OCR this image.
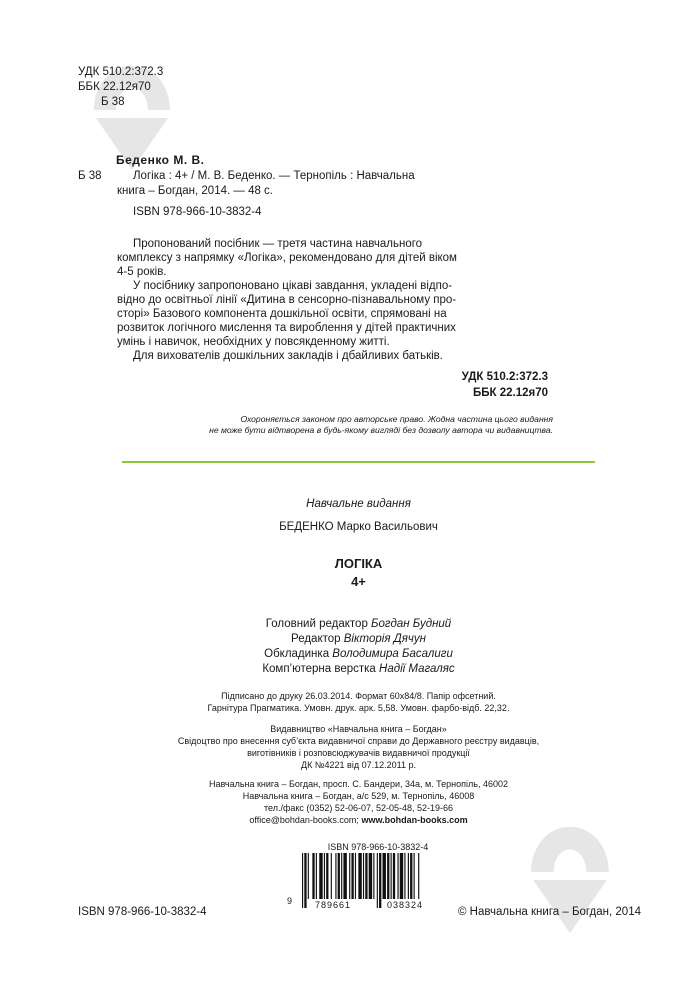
УДК 510.2:372.3
ББК 22.12я70
Б 38
Беденко М. В.
Б 38	Логіка : 4+ / М. В. Беденко. — Тернопіль : Навчальна
книга – Богдан, 2014. — 48 с.
ISBN 978-966-10-3832-4
Пропонований посібник — третя частина навчального
комплексу з напрямку «Логіка», рекомендовано для дітей віком
4-5 років.
У посібнику запропоновано цікаві завдання, укладені відпо-
відно до освітньої лінії «Дитина в сенсорно-пізнавальному про-
сторі» Базового компонента дошкільної освіти, спрямовані на
розвиток логічного мислення та вироблення у дітей практичних
умінь і навичок, необхідних у повсякденному житті.
Для вихователів дошкільних закладів і дбайливих батьків.
УДК 510.2:372.3
ББК 22.12я70
Охороняється законом про авторське право. Жодна частина цього видання
не може бути відтворена в будь-якому вигляді без дозволу автора чи видавництва.
Навчальне видання
БЕДЕНКО Марко Васильович
ЛОГІКА
4+
Головний редактор Богдан Будний
Редактор Вікторія Дячун
Обкладинка Володимира Басалиги
Комп’ютерна верстка Надії Магаляс
Підписано до друку 26.03.2014. Формат 60х84/8. Папір офсетний.
Гарнітура Прагматика. Умовн. друк. арк. 5,58. Умовн. фарбо-відб. 22,32.
Видавництво «Навчальна книга – Богдан»
Свідоцтво про внесення суб’єкта видавничої справи до Державного реєстру видавців,
виготівників і розповсюджувачів видавничої продукції
ДК №4221 від 07.12.2011 р.
Навчальна книга – Богдан, просп. С. Бандери, 34а, м. Тернопіль, 46002
Навчальна книга – Богдан, а/с 529, м. Тернопіль, 46008
тел./факс (0352) 52-06-07, 52-05-48, 52-19-66
office@bohdan-books.com; www.bohdan-books.com
ISBN 978-966-10-3832-4
9	789661	038324
ISBN 978-966-10-3832-4	© Навчальна книга – Богдан, 2014
